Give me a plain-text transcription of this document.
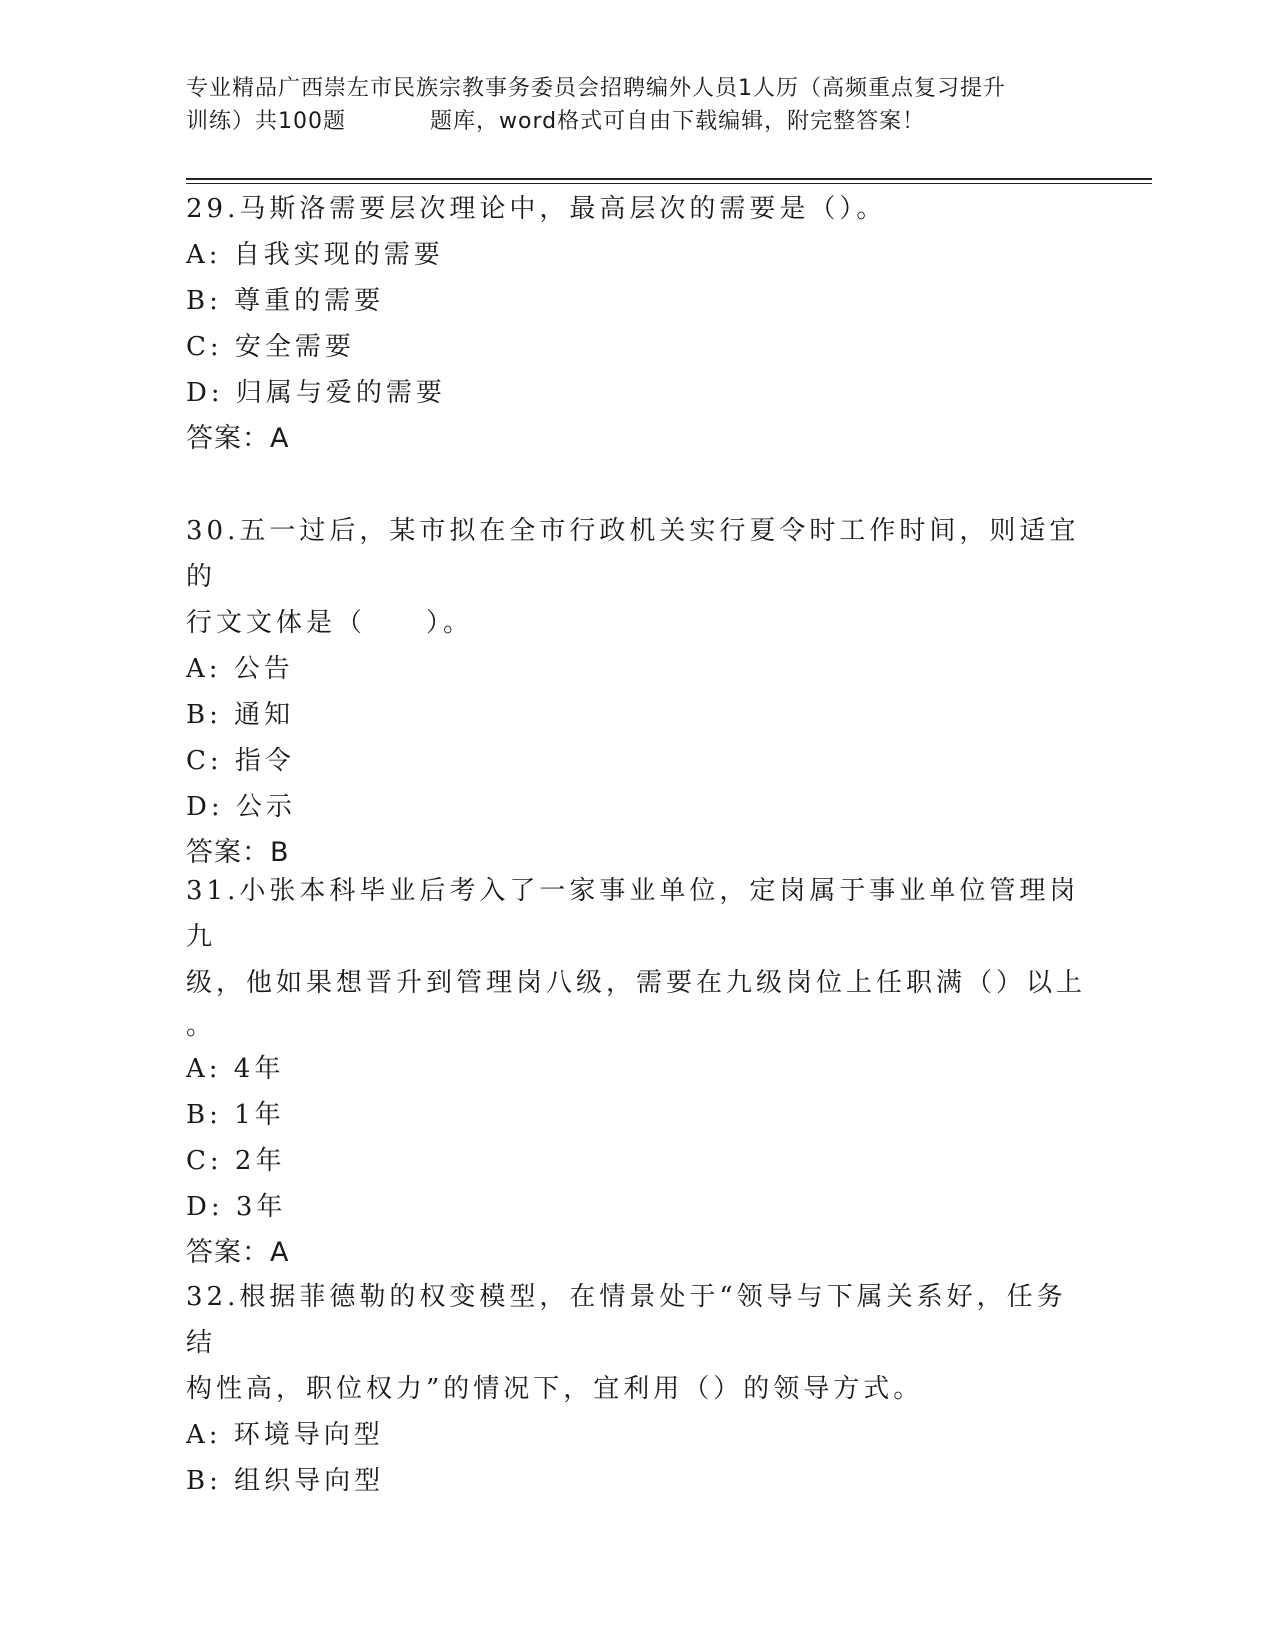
专业精品广西崇左市民族宗教事务委员会招聘编外人员1人历（高频重点复习提升
训练）共100题	题库，word格式可自由下载编辑，附完整答案！
29.马斯洛需要层次理论中，最高层次的需要是（）。
A: 自我实现的需要
B: 尊重的需要
C: 安全需要
D: 归属与爱的需要
答案：A
30.五一过后，某市拟在全市行政机关实行夏令时工作时间，则适宜的
行文文体是（　　）。
A: 公告
B: 通知
C: 指令
D: 公示
答案：B
31.小张本科毕业后考入了一家事业单位，定岗属于事业单位管理岗九
级，他如果想晋升到管理岗八级，需要在九级岗位上任职满（）以上
。
A: 4年
B: 1年
C: 2年
D: 3年
答案：A
32.根据菲德勒的权变模型，在情景处于“领导与下属关系好，任务结
构性高，职位权力”的情况下，宜利用（）的领导方式。
A: 环境导向型
B: 组织导向型
